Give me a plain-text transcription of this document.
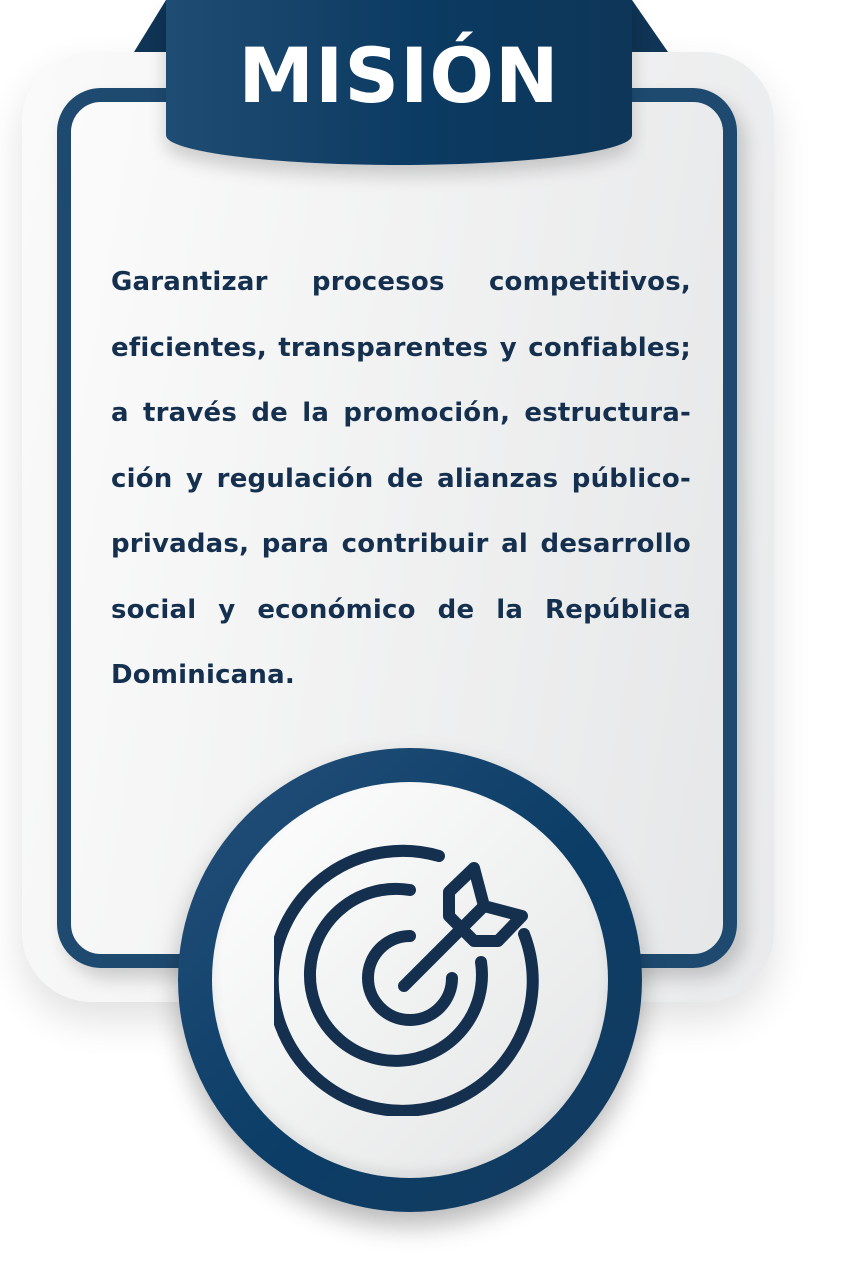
MISIÓN

Garantizar procesos competitivos, eficientes, transparentes y confiables; a través de la promoción, estructura-ción y regulación de alianzas público-privadas, para contribuir al desarrollo social y económico de la República Dominicana.
